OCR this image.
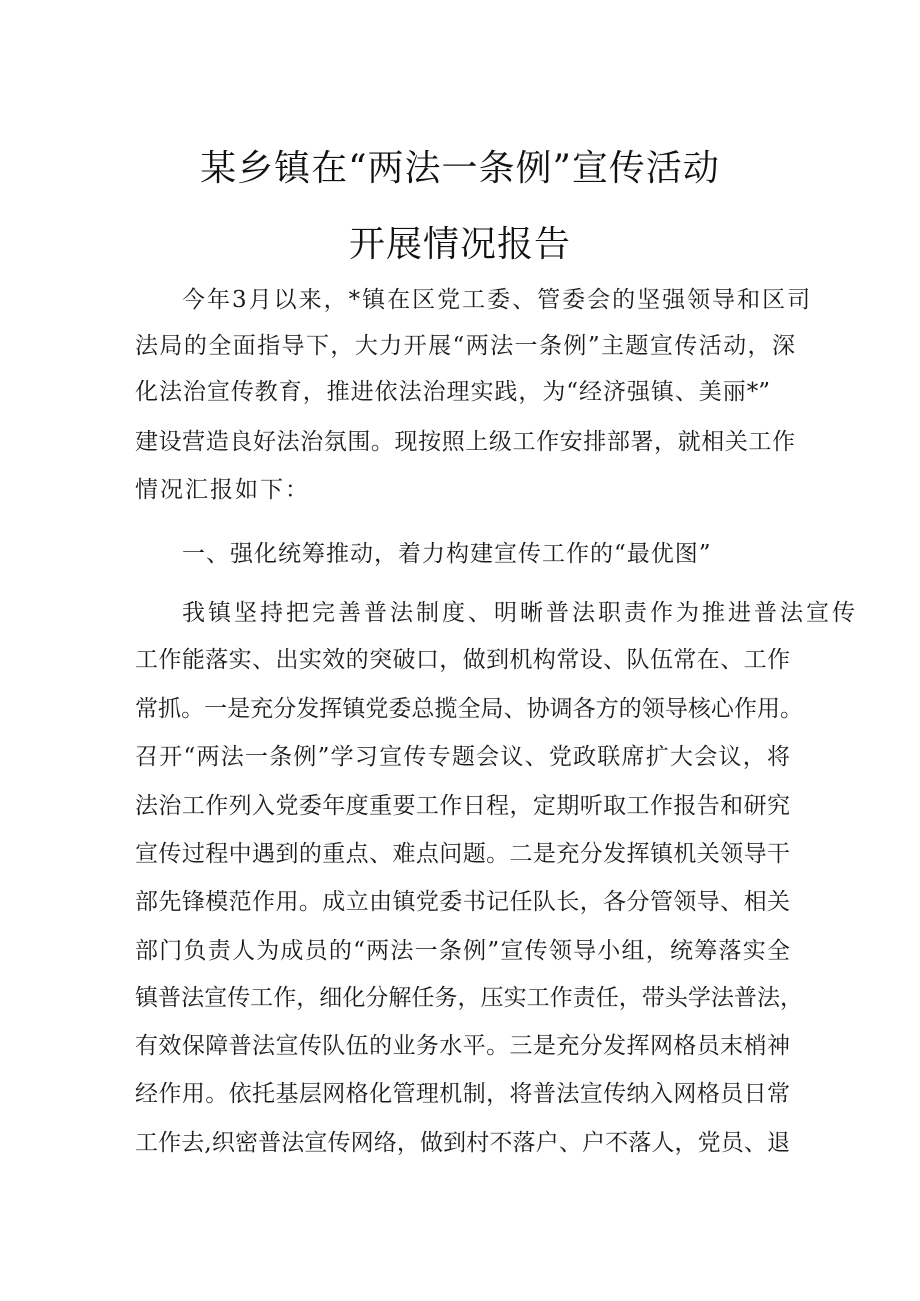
某乡镇在“两法一条例”宣传活动
开展情况报告
今年3月以来，*镇在区党工委、管委会的坚强领导和区司
法局的全面指导下，大力开展“两法一条例”主题宣传活动，深
化法治宣传教育，推进依法治理实践，为“经济强镇、美丽*”
建设营造良好法治氛围。现按照上级工作安排部署，就相关工作
情况汇报如下：
一、强化统筹推动，着力构建宣传工作的“最优图”
我镇坚持把完善普法制度、明晰普法职责作为推进普法宣传
工作能落实、出实效的突破口，做到机构常设、队伍常在、工作
常抓。一是充分发挥镇党委总揽全局、协调各方的领导核心作用。
召开“两法一条例”学习宣传专题会议、党政联席扩大会议，将
法治工作列入党委年度重要工作日程，定期听取工作报告和研究
宣传过程中遇到的重点、难点问题。二是充分发挥镇机关领导干
部先锋模范作用。成立由镇党委书记任队长，各分管领导、相关
部门负责人为成员的“两法一条例”宣传领导小组，统筹落实全
镇普法宣传工作，细化分解任务，压实工作责任，带头学法普法，
有效保障普法宣传队伍的业务水平。三是充分发挥网格员末梢神
经作用。依托基层网格化管理机制，将普法宣传纳入网格员日常
工作去,织密普法宣传网络，做到村不落户、户不落人，党员、退
